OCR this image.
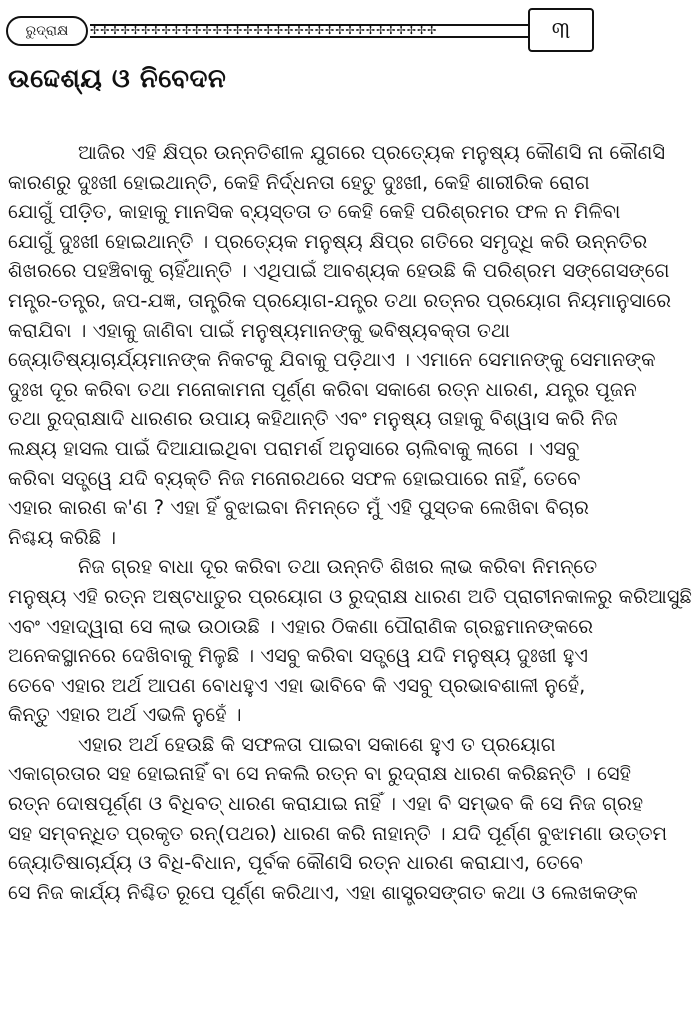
ରୁଦ୍ରାକ୍ଷ ✢✢✢✢✢✢✢✢✢✢✢✢✢✢✢✢✢✢✢✢✢✢✢✢✢✢✢✢✢✢✢✢✢✢	୩
ଉଦ୍ଦେଶ୍ୟ ଓ ନିବେଦନ

ଆଜିର ଏହି କ୍ଷିପ୍ର ଉନ୍ନତିଶୀଳ ଯୁଗରେ ପ୍ରତ୍ୟେକ ମନୁଷ୍ୟ କୌଣସି ନା କୌଣସି
କାରଣରୁ ଦୁଃଖୀ ହୋଇଥାନ୍ତି, କେହି ନିର୍ଦ୍ଧନତା ହେତୁ ଦୁଃଖୀ, କେହି ଶାରୀରିକ ରୋଗ
ଯୋଗୁଁ ପୀଡ଼ିତ, କାହାକୁ ମାନସିକ ବ୍ୟସ୍ତତା ତ କେହି କେହି ପରିଶ୍ରମର ଫଳ ନ ମିଳିବା
ଯୋଗୁଁ ଦୁଃଖୀ ହୋଇଥାନ୍ତି । ପ୍ରତ୍ୟେକ ମନୁଷ୍ୟ କ୍ଷିପ୍ର ଗତିରେ ସମୃଦ୍ଧି କରି ଉନ୍ନତିର
ଶିଖରରେ ପହଞ୍ଚିବାକୁ ଚାହିଁଥାନ୍ତି । ଏଥିପାଇଁ ଆବଶ୍ୟକ ହେଉଛି କି ପରିଶ୍ରମ ସଙ୍ଗେସଙ୍ଗେ
ମନ୍ତ୍ର-ତନ୍ତ୍ର, ଜପ-ଯଜ୍ଞ, ତାନ୍ତ୍ରିକ ପ୍ରୟୋଗ-ଯନ୍ତ୍ର ତଥା ରତ୍ନର ପ୍ରୟୋଗ ନିୟମାନୁସାରେ
କରାଯିବା । ଏହାକୁ ଜାଣିବା ପାଇଁ ମନୁଷ୍ୟମାନଙ୍କୁ ଭବିଷ୍ୟବକ୍ତା ତଥା
ଜ୍ୟୋତିଷ୍ୟାଚାର୍ଯ୍ୟମାନଙ୍କ ନିକଟକୁ ଯିବାକୁ ପଡ଼ିଥାଏ । ଏମାନେ ସେମାନଙ୍କୁ ସେମାନଙ୍କ
ଦୁଃଖ ଦୂର କରିବା ତଥା ମନୋକାମନା ପୂର୍ଣ୍ଣ କରିବା ସକାଶେ ରତ୍ନ ଧାରଣ, ଯନ୍ତ୍ର ପୂଜନ
ତଥା ରୁଦ୍ରାକ୍ଷାଦି ଧାରଣର ଉପାୟ କହିଥାନ୍ତି ଏବଂ ମନୁଷ୍ୟ ତାହାକୁ ବିଶ୍ୱାସ କରି ନିଜ
ଲକ୍ଷ୍ୟ ହାସଲ ପାଇଁ ଦିଆଯାଇଥିବା ପରାମର୍ଶ ଅନୁସାରେ ଚାଲିବାକୁ ଲାଗେ । ଏସବୁ
କରିବା ସତ୍ତ୍ୱେ ଯଦି ବ୍ୟକ୍ତି ନିଜ ମନୋରଥରେ ସଫଳ ହୋଇପାରେ ନାହିଁ, ତେବେ
ଏହାର କାରଣ କ'ଣ ? ଏହା ହିଁ ବୁଝାଇବା ନିମନ୍ତେ ମୁଁ ଏହି ପୁସ୍ତକ ଲେଖିବା ବିଚାର
ନିଶ୍ଚୟ କରିଛି ।

ନିଜ ଗ୍ରହ ବାଧା ଦୂର କରିବା ତଥା ଉନ୍ନତି ଶିଖର ଲାଭ କରିବା ନିମନ୍ତେ
ମନୁଷ୍ୟ ଏହି ରତ୍ନ ଅଷ୍ଟଧାତୁର ପ୍ରୟୋଗ ଓ ରୁଦ୍ରାକ୍ଷ ଧାରଣ ଅତି ପ୍ରାଚୀନକାଳରୁ କରିଆସୁଛି
ଏବଂ ଏହାଦ୍ୱାରା ସେ ଲାଭ ଉଠାଉଛି । ଏହାର ଠିକଣା ପୌରାଣିକ ଗ୍ରନ୍ଥମାନଙ୍କରେ
ଅନେକସ୍ଥାନରେ ଦେଖିବାକୁ ମିଳୁଛି । ଏସବୁ କରିବା ସତ୍ତ୍ୱେ ଯଦି ମନୁଷ୍ୟ ଦୁଃଖୀ ହୁଏ
ତେବେ ଏହାର ଅର୍ଥ ଆପଣ ବୋଧହୁଏ ଏହା ଭାବିବେ କି ଏସବୁ ପ୍ରଭାବଶାଳୀ ନୁହେଁ,
କିନ୍ତୁ ଏହାର ଅର୍ଥ ଏଭଳି ନୁହେଁ ।

ଏହାର ଅର୍ଥ ହେଉଛି କି ସଫଳତା ପାଇବା ସକାଶେ ହୁଏ ତ ପ୍ରୟୋଗ
ଏକାଗ୍ରତାର ସହ ହୋଇନାହିଁ ବା ସେ ନକଲି ରତ୍ନ ବା ରୁଦ୍ରାକ୍ଷ ଧାରଣ କରିଛନ୍ତି । ସେହି
ରତ୍ନ ଦୋଷପୂର୍ଣ୍ଣ ଓ ବିଧିବତ୍ ଧାରଣ କରାଯାଇ ନାହିଁ । ଏହା ବି ସମ୍ଭବ କି ସେ ନିଜ ଗ୍ରହ
ସହ ସମ୍ବନ୍ଧିତ ପ୍ରକୃତ ରନ୍(ପଥର) ଧାରଣ କରି ନାହାନ୍ତି । ଯଦି ପୂର୍ଣ୍ଣ ବୁଝାମଣା ଉତ୍ତମ
ଜ୍ୟୋତିଷାଚାର୍ଯ୍ୟ ଓ ବିଧି-ବିଧାନ, ପୂର୍ବକ କୌଣସି ରତ୍ନ ଧାରଣ କରାଯାଏ, ତେବେ
ସେ ନିଜ କାର୍ଯ୍ୟ ନିଶ୍ଚିତ ରୂପେ ପୂର୍ଣ୍ଣ କରିଥାଏ, ଏହା ଶାସ୍ତ୍ରସଙ୍ଗତ କଥା ଓ ଲେଖକଙ୍କ
